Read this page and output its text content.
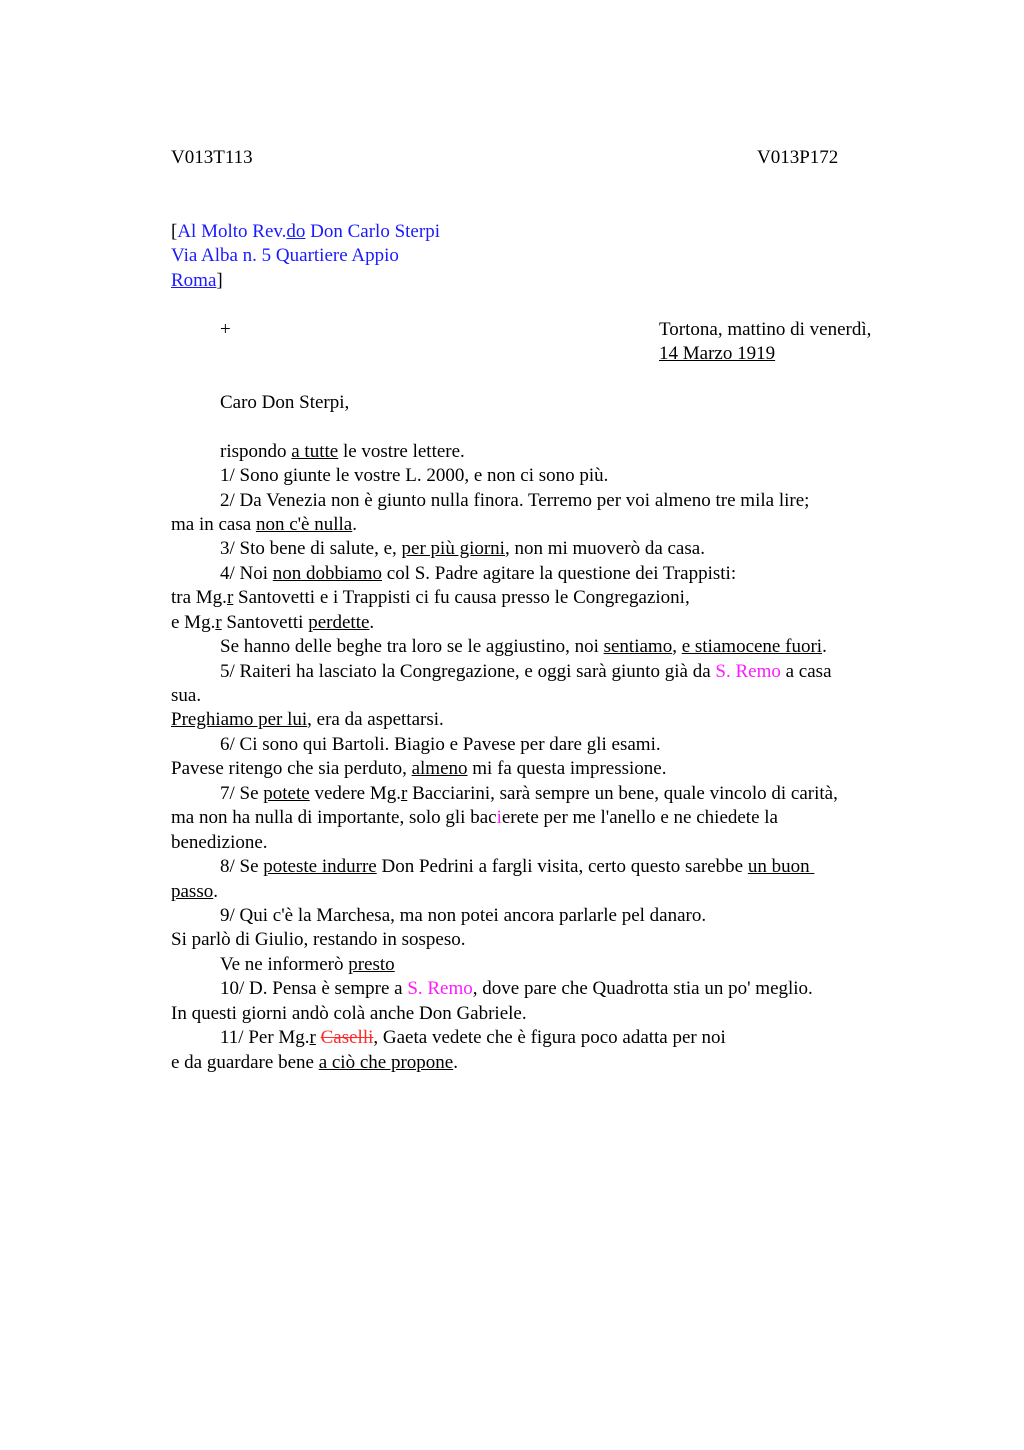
V013T113	V013P172
[Al Molto Rev.do Don Carlo Sterpi
Via Alba n. 5 Quartiere Appio
Roma]
+	Tortona, mattino di venerdì,
14 Marzo 1919
Caro Don Sterpi,
rispondo a tutte le vostre lettere.
1/ Sono giunte le vostre L. 2000, e non ci sono più.
2/ Da Venezia non è giunto nulla finora. Terremo per voi almeno tre mila lire;
ma in casa non c'è nulla.
3/ Sto bene di salute, e, per più giorni, non mi muoverò da casa.
4/ Noi non dobbiamo col S. Padre agitare la questione dei Trappisti:
tra Mg.r Santovetti e i Trappisti ci fu causa presso le Congregazioni,
e Mg.r Santovetti perdette.
Se hanno delle beghe tra loro se le aggiustino, noi sentiamo, e stiamocene fuori.
5/ Raiteri ha lasciato la Congregazione, e oggi sarà giunto già da S. Remo a casa
sua.
Preghiamo per lui, era da aspettarsi.
6/ Ci sono qui Bartoli. Biagio e Pavese per dare gli esami.
Pavese ritengo che sia perduto, almeno mi fa questa impressione.
7/ Se potete vedere Mg.r Bacciarini, sarà sempre un bene, quale vincolo di carità,
ma non ha nulla di importante, solo gli bacierete per me l'anello e ne chiedete la
benedizione.
8/ Se poteste indurre Don Pedrini a fargli visita, certo questo sarebbe un buon
passo.
9/ Qui c'è la Marchesa, ma non potei ancora parlarle pel danaro.
Si parlò di Giulio, restando in sospeso.
Ve ne informerò presto
10/ D. Pensa è sempre a S. Remo, dove pare che Quadrotta stia un po' meglio.
In questi giorni andò colà anche Don Gabriele.
11/ Per Mg.r Caselli, Gaeta vedete che è figura poco adatta per noi
e da guardare bene a ciò che propone.
